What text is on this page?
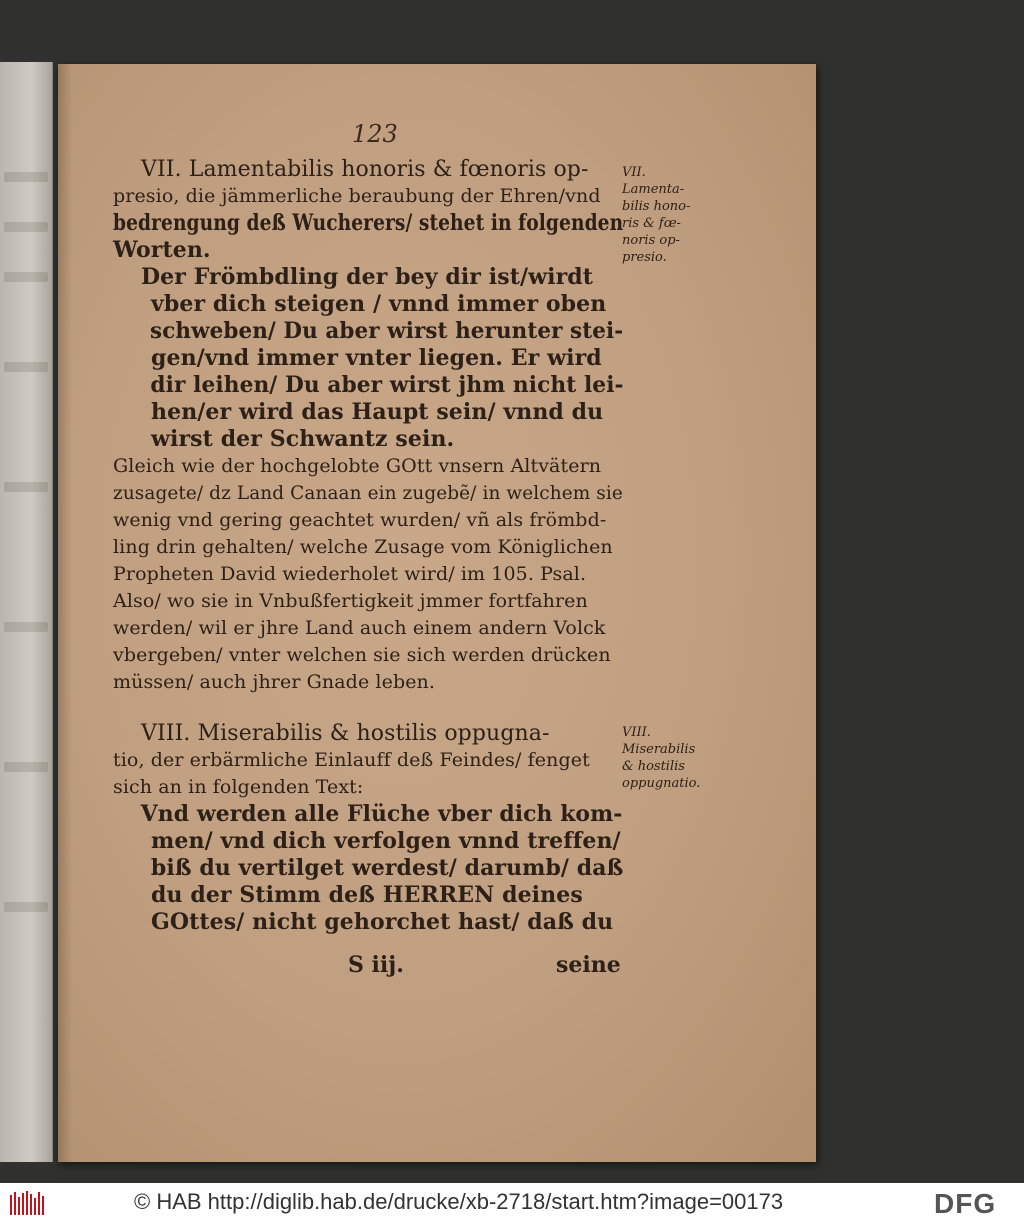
123
VII. Lamentabilis honoris & fœnoris op-
presio, die jämmerliche beraubung der Ehren/vnd
bedrengung deß Wucherers/ stehet in folgenden
Worten.
Der Frömbdling der bey dir ist/wirdt
vber dich steigen / vnnd immer oben
schweben/ Du aber wirst herunter stei-
gen/vnd immer vnter liegen. Er wird
dir leihen/ Du aber wirst jhm nicht lei-
hen/er wird das Haupt sein/ vnnd du
wirst der Schwantz sein.
Gleich wie der hochgelobte GOtt vnsern Altvätern
zusagete/ dz Land Canaan ein zugebẽ/ in welchem sie
wenig vnd gering geachtet wurden/ vñ als frömbd-
ling drin gehalten/ welche Zusage vom Königlichen
Propheten David wiederholet wird/ im 105. Psal.
Also/ wo sie in Vnbußfertigkeit jmmer fortfahren
werden/ wil er jhre Land auch einem andern Volck
vbergeben/ vnter welchen sie sich werden drücken
müssen/ auch jhrer Gnade leben.
VIII. Miserabilis & hostilis oppugna-
tio, der erbärmliche Einlauff deß Feindes/ fenget
sich an in folgenden Text:
Vnd werden alle Flüche vber dich kom-
men/ vnd dich verfolgen vnnd treffen/
biß du vertilget werdest/ darumb/ daß
du der Stimm deß HERREN deines
GOttes/ nicht gehorchet hast/ daß du
VII.
Lamenta-
bilis hono-
ris & fœ-
noris op-
presio.
VIII.
Miserabilis
& hostilis
oppugnatio.
S iij.	seine
© HAB http://diglib.hab.de/drucke/xb-2718/start.htm?image=00173	DFG
